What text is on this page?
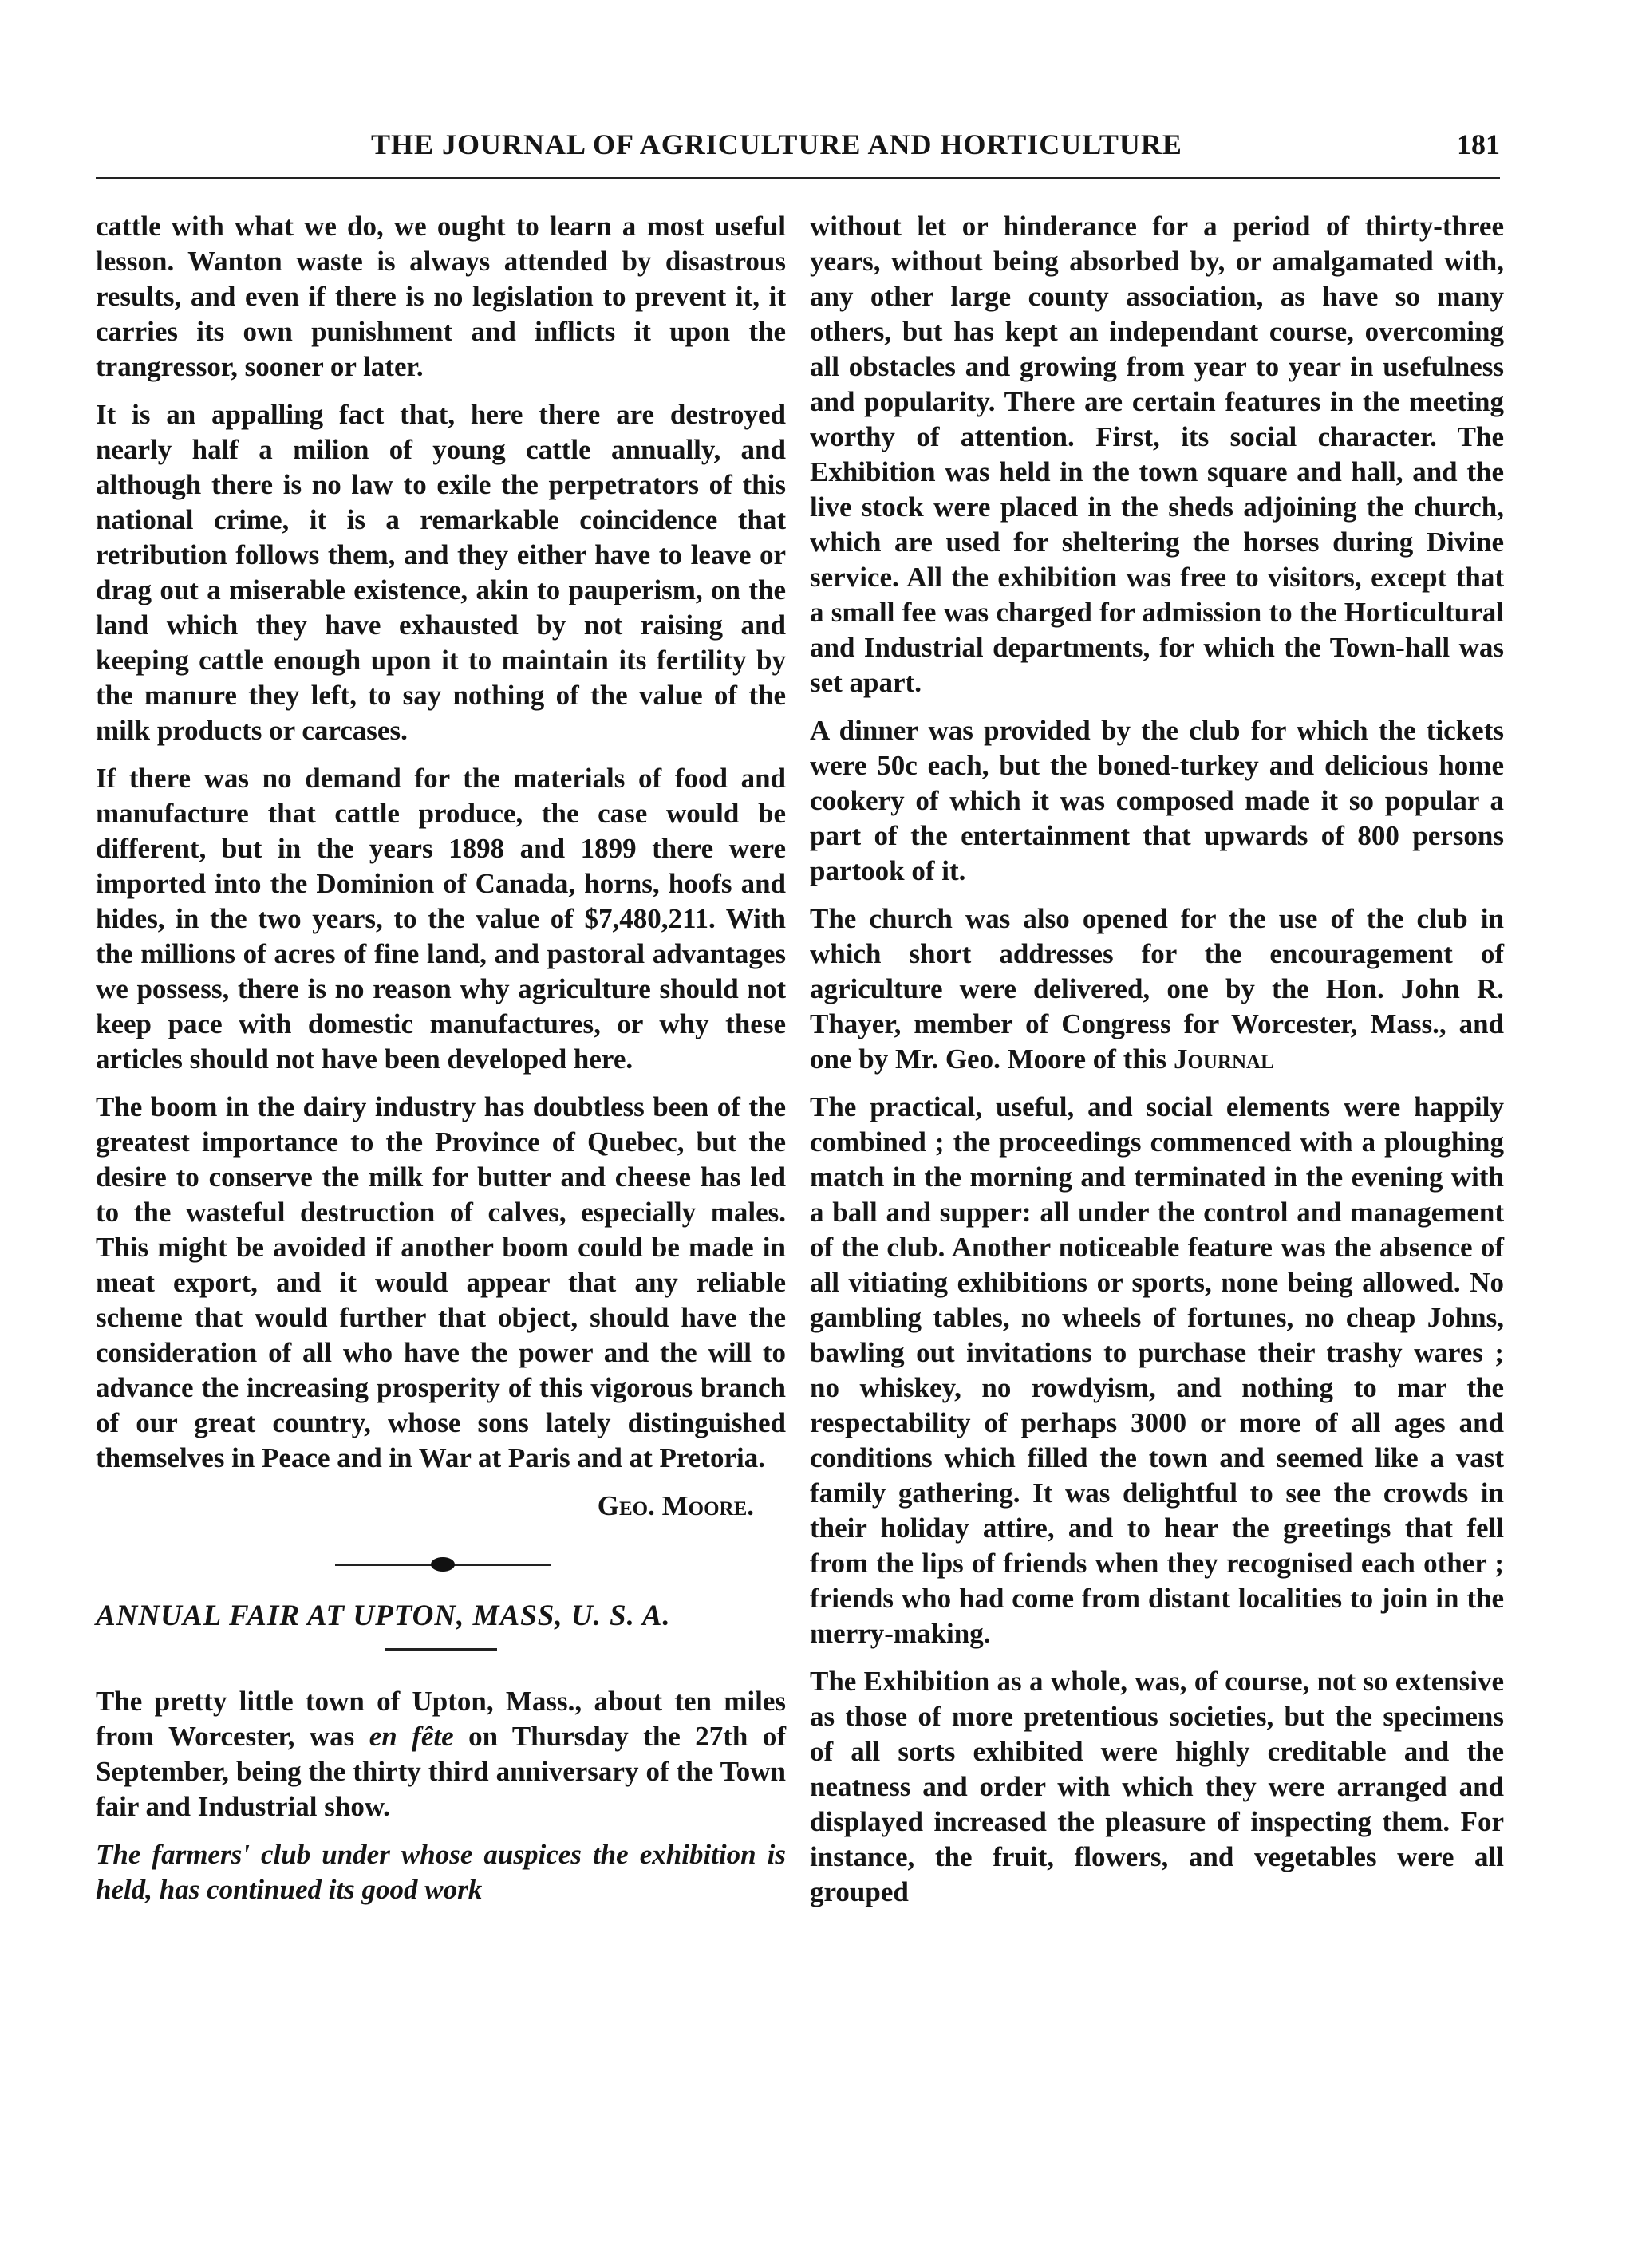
THE JOURNAL OF AGRICULTURE AND HORTICULTURE	181

cattle with what we do, we ought to learn a most useful lesson. Wanton waste is always attended by disastrous results, and even if there is no legislation to prevent it, it carries its own punishment and inflicts it upon the trangressor, sooner or later.

It is an appalling fact that, here there are destroyed nearly half a milion of young cattle annually, and although there is no law to exile the perpetrators of this national crime, it is a remarkable coincidence that retribution follows them, and they either have to leave or drag out a miserable existence, akin to pauperism, on the land which they have exhausted by not raising and keeping cattle enough upon it to maintain its fertility by the manure they left, to say nothing of the value of the milk products or carcases.

If there was no demand for the materials of food and manufacture that cattle produce, the case would be different, but in the years 1898 and 1899 there were imported into the Dominion of Canada, horns, hoofs and hides, in the two years, to the value of $7,480,211. With the millions of acres of fine land, and pastoral advantages we possess, there is no reason why agriculture should not keep pace with domestic manufactures, or why these articles should not have been developed here.

The boom in the dairy industry has doubtless been of the greatest importance to the Province of Quebec, but the desire to conserve the milk for butter and cheese has led to the wasteful destruction of calves, especially males. This might be avoided if another boom could be made in meat export, and it would appear that any reliable scheme that would further that object, should have the consideration of all who have the power and the will to advance the increasing prosperity of this vigorous branch of our great country, whose sons lately distinguished themselves in Peace and in War at Paris and at Pretoria.

Geo. Moore.

ANNUAL FAIR AT UPTON, MASS, U. S. A.

The pretty little town of Upton, Mass., about ten miles from Worcester, was en fête on Thursday the 27th of September, being the thirty third anniversary of the Town fair and Industrial show.

The farmers' club under whose auspices the exhibition is held, has continued its good work

without let or hinderance for a period of thirty-three years, without being absorbed by, or amalgamated with, any other large county association, as have so many others, but has kept an independant course, overcoming all obstacles and growing from year to year in usefulness and popularity. There are certain features in the meeting worthy of attention. First, its social character. The Exhibition was held in the town square and hall, and the live stock were placed in the sheds adjoining the church, which are used for sheltering the horses during Divine service. All the exhibition was free to visitors, except that a small fee was charged for admission to the Horticultural and Industrial departments, for which the Town-hall was set apart.

A dinner was provided by the club for which the tickets were 50c each, but the boned-turkey and delicious home cookery of which it was composed made it so popular a part of the entertainment that upwards of 800 persons partook of it.

The church was also opened for the use of the club in which short addresses for the encouragement of agriculture were delivered, one by the Hon. John R. Thayer, member of Congress for Worcester, Mass., and one by Mr. Geo. Moore of this Journal

The practical, useful, and social elements were happily combined ; the proceedings commenced with a ploughing match in the morning and terminated in the evening with a ball and supper: all under the control and management of the club. Another noticeable feature was the absence of all vitiating exhibitions or sports, none being allowed. No gambling tables, no wheels of fortunes, no cheap Johns, bawling out invitations to purchase their trashy wares ; no whiskey, no rowdyism, and nothing to mar the respectability of perhaps 3000 or more of all ages and conditions which filled the town and seemed like a vast family gathering. It was delightful to see the crowds in their holiday attire, and to hear the greetings that fell from the lips of friends when they recognised each other ; friends who had come from distant localities to join in the merry-making.

The Exhibition as a whole, was, of course, not so extensive as those of more pretentious societies, but the specimens of all sorts exhibited were highly creditable and the neatness and order with which they were arranged and displayed increased the pleasure of inspecting them. For instance, the fruit, flowers, and vegetables were all grouped
